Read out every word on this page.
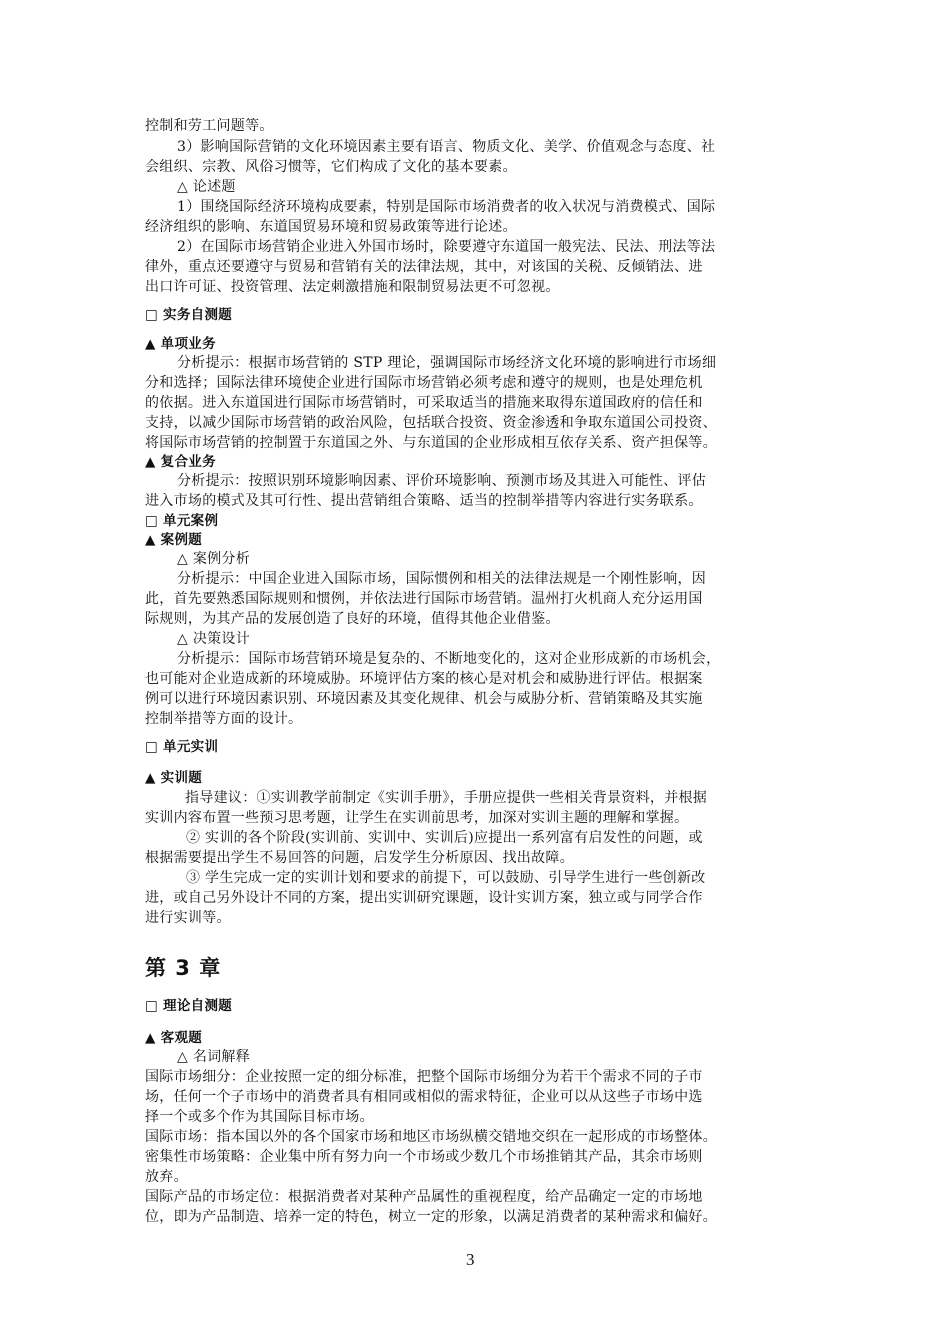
控制和劳工问题等。
3）影响国际营销的文化环境因素主要有语言、物质文化、美学、价值观念与态度、社
会组织、宗教、风俗习惯等，它们构成了文化的基本要素。
△ 论述题
1）围绕国际经济环境构成要素，特别是国际市场消费者的收入状况与消费模式、国际
经济组织的影响、东道国贸易环境和贸易政策等进行论述。
2）在国际市场营销企业进入外国市场时，除要遵守东道国一般宪法、民法、刑法等法
律外，重点还要遵守与贸易和营销有关的法律法规，其中，对该国的关税、反倾销法、进
出口许可证、投资管理、法定刺激措施和限制贸易法更不可忽视。
□ 实务自测题
▲ 单项业务
分析提示：根据市场营销的 STP 理论，强调国际市场经济文化环境的影响进行市场细
分和选择；国际法律环境使企业进行国际市场营销必须考虑和遵守的规则，也是处理危机
的依据。进入东道国进行国际市场营销时，可采取适当的措施来取得东道国政府的信任和
支持，以减少国际市场营销的政治风险，包括联合投资、资金渗透和争取东道国公司投资、
将国际市场营销的控制置于东道国之外、与东道国的企业形成相互依存关系、资产担保等。
▲ 复合业务
分析提示：按照识别环境影响因素、评价环境影响、预测市场及其进入可能性、评估
进入市场的模式及其可行性、提出营销组合策略、适当的控制举措等内容进行实务联系。
□ 单元案例
▲ 案例题
△ 案例分析
分析提示：中国企业进入国际市场，国际惯例和相关的法律法规是一个刚性影响，因
此，首先要熟悉国际规则和惯例，并依法进行国际市场营销。温州打火机商人充分运用国
际规则，为其产品的发展创造了良好的环境，值得其他企业借鉴。
△ 决策设计
分析提示：国际市场营销环境是复杂的、不断地变化的，这对企业形成新的市场机会，
也可能对企业造成新的环境威胁。环境评估方案的核心是对机会和威胁进行评估。根据案
例可以进行环境因素识别、环境因素及其变化规律、机会与威胁分析、营销策略及其实施
控制举措等方面的设计。
□ 单元实训
▲ 实训题
指导建议：①实训教学前制定《实训手册》，手册应提供一些相关背景资料，并根据
实训内容布置一些预习思考题，让学生在实训前思考，加深对实训主题的理解和掌握。
② 实训的各个阶段(实训前、实训中、实训后)应提出一系列富有启发性的问题，或
根据需要提出学生不易回答的问题，启发学生分析原因、找出故障。
③ 学生完成一定的实训计划和要求的前提下，可以鼓励、引导学生进行一些创新改
进，或自己另外设计不同的方案，提出实训研究课题，设计实训方案，独立或与同学合作
进行实训等。
第 3 章
□ 理论自测题
▲ 客观题
△ 名词解释
国际市场细分：企业按照一定的细分标准，把整个国际市场细分为若干个需求不同的子市
场，任何一个子市场中的消费者具有相同或相似的需求特征，企业可以从这些子市场中选
择一个或多个作为其国际目标市场。
国际市场：指本国以外的各个国家市场和地区市场纵横交错地交织在一起形成的市场整体。
密集性市场策略：企业集中所有努力向一个市场或少数几个市场推销其产品，其余市场则
放弃。
国际产品的市场定位：根据消费者对某种产品属性的重视程度，给产品确定一定的市场地
位，即为产品制造、培养一定的特色，树立一定的形象，以满足消费者的某种需求和偏好。
3
